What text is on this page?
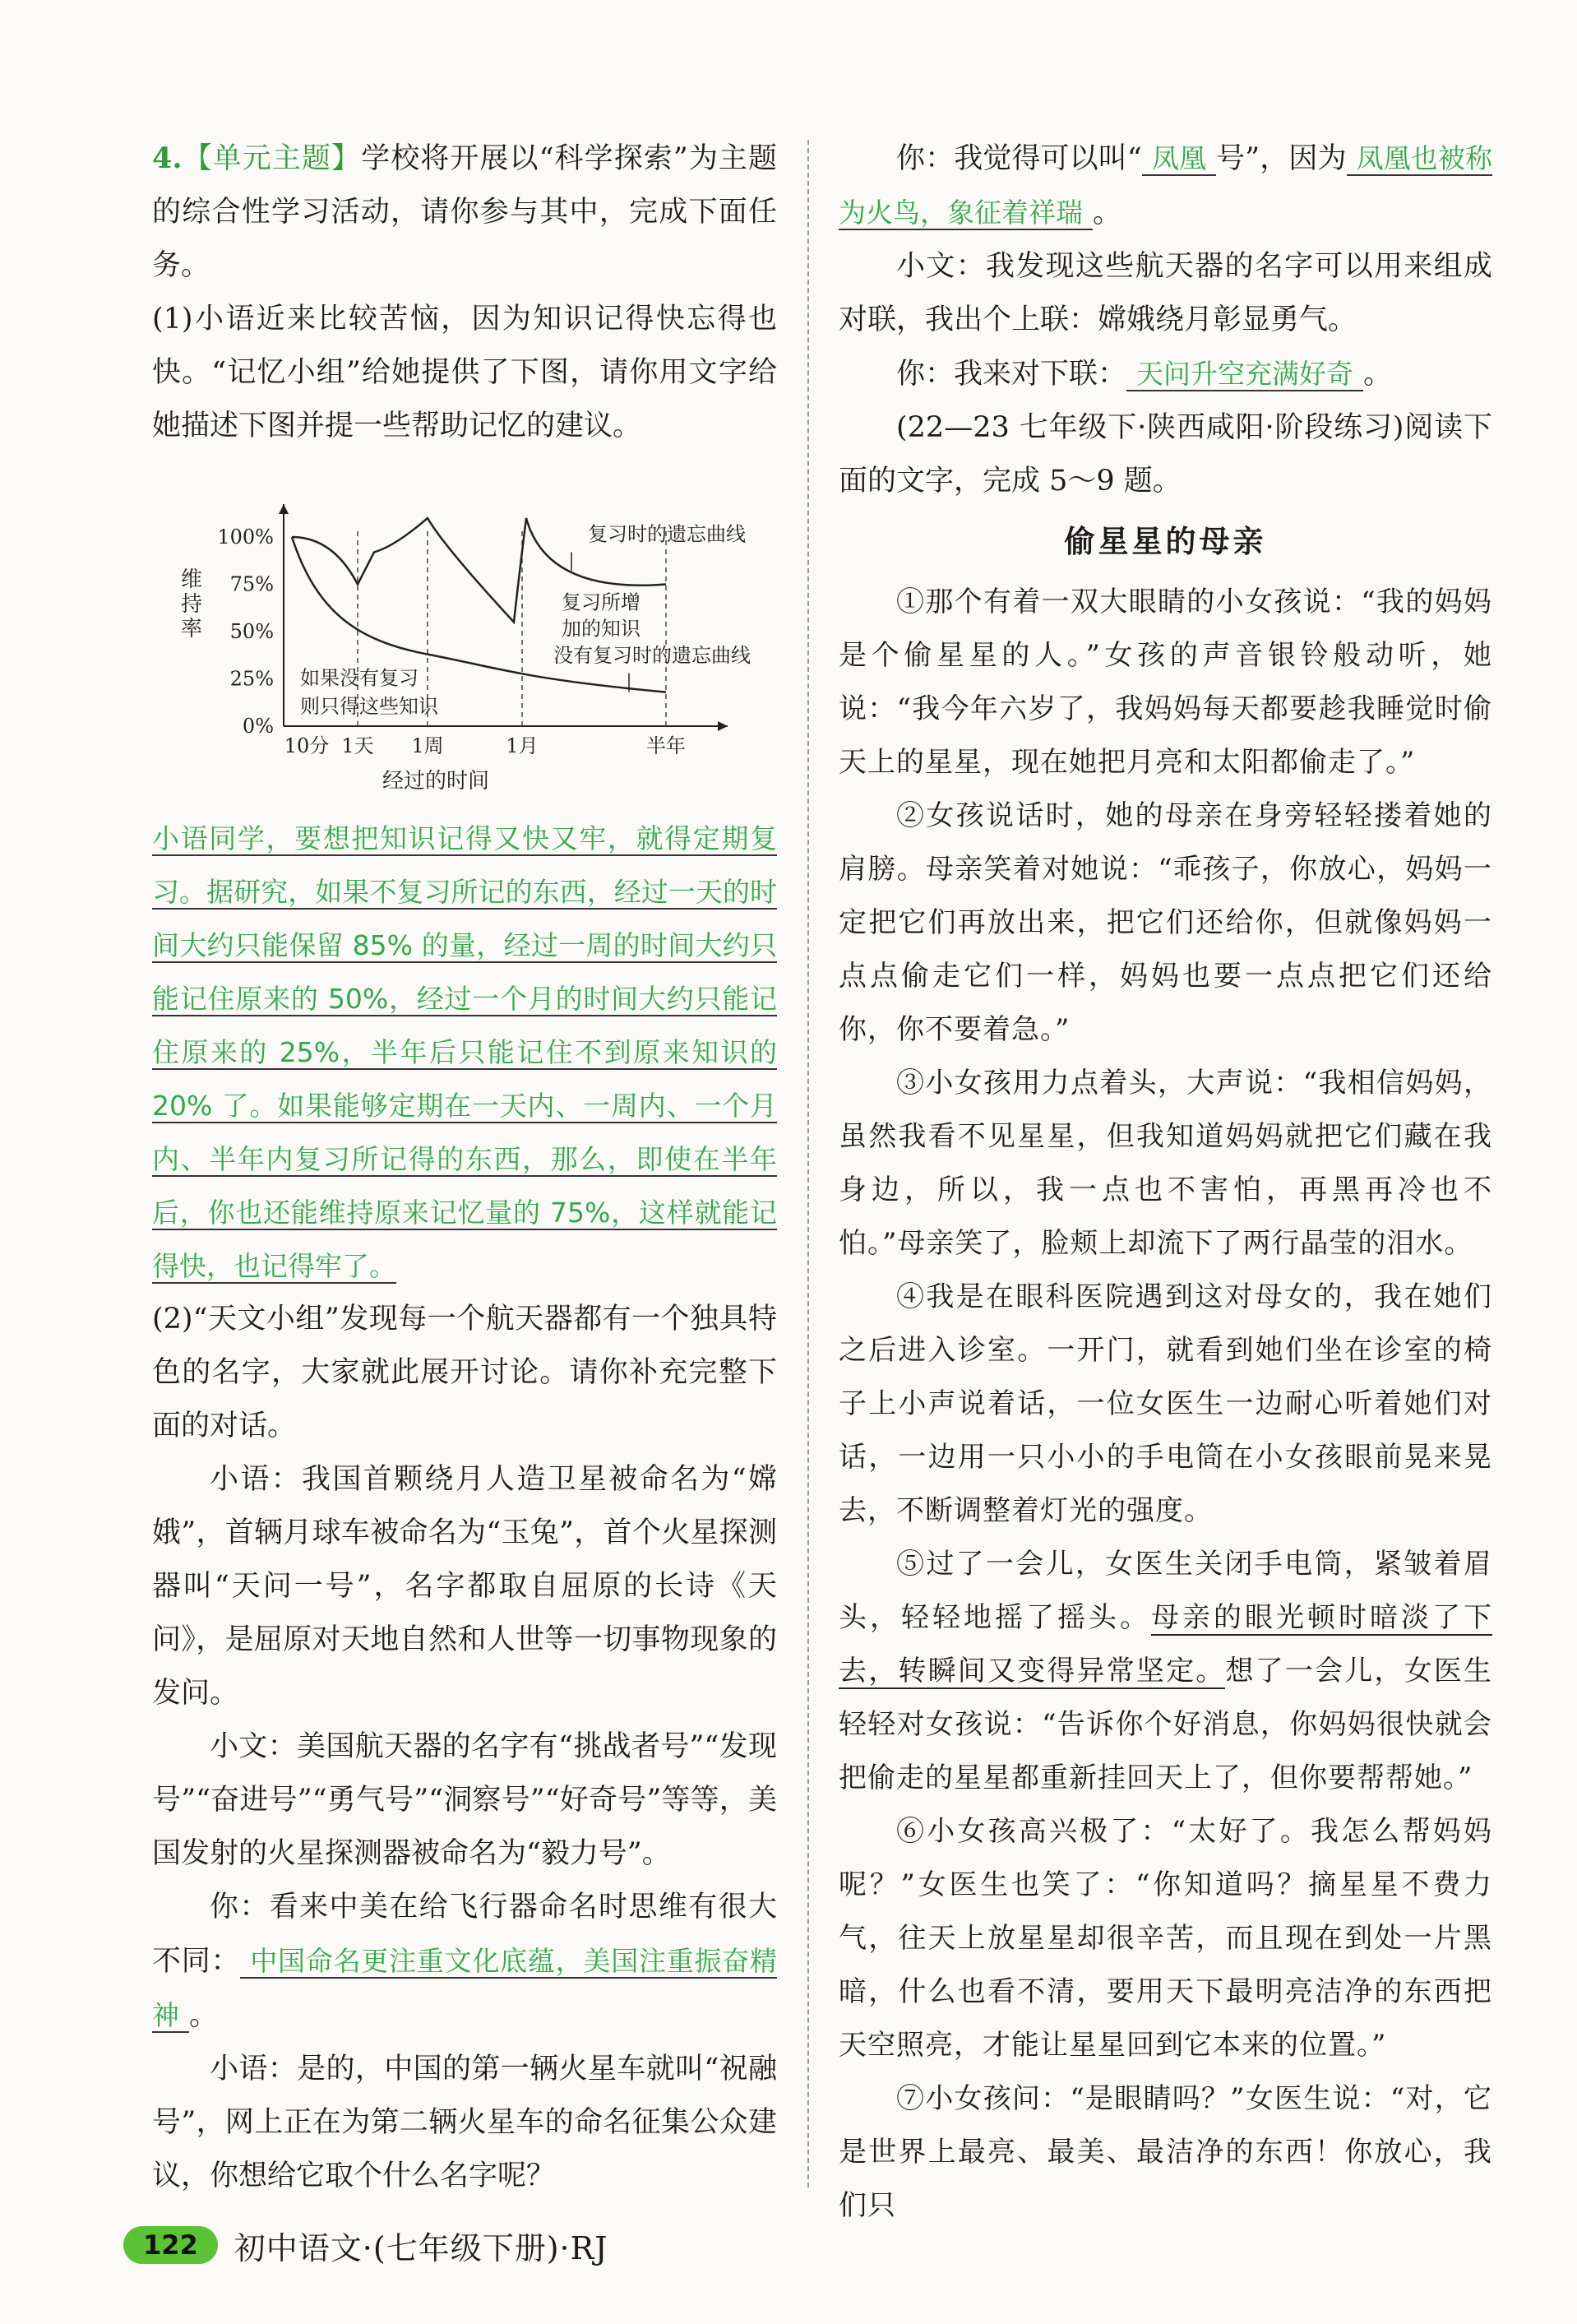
4.【单元主题】学校将开展以“科学探索”为主题的综合性学习活动，请你参与其中，完成下面任务。

(1)小语近来比较苦恼，因为知识记得快忘得也快。“记忆小组”给她提供了下图，请你用文字给她描述下图并提一些帮助记忆的建议。

0%
25%
50%
75%
100%
10分 1天 1周	1月	半年
复习时的遗忘曲线
复习所增
加的知识
没有复习时的遗忘曲线
如果没有复习
则只得这些知识
维
持
率
经过的时间

小语同学，要想把知识记得又快又牢，就得定期复习。据研究，如果不复习所记的东西，经过一天的时间大约只能保留 85% 的量，经过一周的时间大约只能记住原来的 50%，经过一个月的时间大约只能记住原来的 25%，半年后只能记住不到原来知识的 20% 了。如果能够定期在一天内、一周内、一个月内、半年内复习所记得的东西，那么，即使在半年后，你也还能维持原来记忆量的 75%，这样就能记得快，也记得牢了。

(2)“天文小组”发现每一个航天器都有一个独具特色的名字，大家就此展开讨论。请你补充完整下面的对话。

小语：我国首颗绕月人造卫星被命名为“嫦娥”，首辆月球车被命名为“玉兔”，首个火星探测器叫“天问一号”，名字都取自屈原的长诗《天问》，是屈原对天地自然和人世等一切事物现象的发问。

小文：美国航天器的名字有“挑战者号”“发现号”“奋进号”“勇气号”“洞察号”“好奇号”等等，美国发射的火星探测器被命名为“毅力号”。

你：看来中美在给飞行器命名时思维有很大不同： 中国命名更注重文化底蕴，美国注重振奋精神 。

小语：是的，中国的第一辆火星车就叫“祝融号”，网上正在为第二辆火星车的命名征集公众建议，你想给它取个什么名字呢？

你：我觉得可以叫“ 凤凰 号”，因为 凤凰也被称为火鸟，象征着祥瑞 。

小文：我发现这些航天器的名字可以用来组成对联，我出个上联：嫦娥绕月彰显勇气。

你：我来对下联： 天问升空充满好奇 。

(22—23 七年级下·陕西咸阳·阶段练习)阅读下面的文字，完成 5～9 题。

偷星星的母亲

①那个有着一双大眼睛的小女孩说：“我的妈妈是个偷星星的人。”女孩的声音银铃般动听，她说：“我今年六岁了，我妈妈每天都要趁我睡觉时偷天上的星星，现在她把月亮和太阳都偷走了。”

②女孩说话时，她的母亲在身旁轻轻搂着她的肩膀。母亲笑着对她说：“乖孩子，你放心，妈妈一定把它们再放出来，把它们还给你，但就像妈妈一点点偷走它们一样，妈妈也要一点点把它们还给你，你不要着急。”

③小女孩用力点着头，大声说：“我相信妈妈，虽然我看不见星星，但我知道妈妈就把它们藏在我身边，所以，我一点也不害怕，再黑再冷也不怕。”母亲笑了，脸颊上却流下了两行晶莹的泪水。

④我是在眼科医院遇到这对母女的，我在她们之后进入诊室。一开门，就看到她们坐在诊室的椅子上小声说着话，一位女医生一边耐心听着她们对话，一边用一只小小的手电筒在小女孩眼前晃来晃去，不断调整着灯光的强度。

⑤过了一会儿，女医生关闭手电筒，紧皱着眉头，轻轻地摇了摇头。母亲的眼光顿时暗淡了下去，转瞬间又变得异常坚定。想了一会儿，女医生轻轻对女孩说：“告诉你个好消息，你妈妈很快就会把偷走的星星都重新挂回天上了，但你要帮帮她。”

⑥小女孩高兴极了：“太好了。我怎么帮妈妈呢？”女医生也笑了：“你知道吗？摘星星不费力气，往天上放星星却很辛苦，而且现在到处一片黑暗，什么也看不清，要用天下最明亮洁净的东西把天空照亮，才能让星星回到它本来的位置。”

⑦小女孩问：“是眼睛吗？”女医生说：“对，它是世界上最亮、最美、最洁净的东西！你放心，我们只

122	初中语文·(七年级下册)·RJ
